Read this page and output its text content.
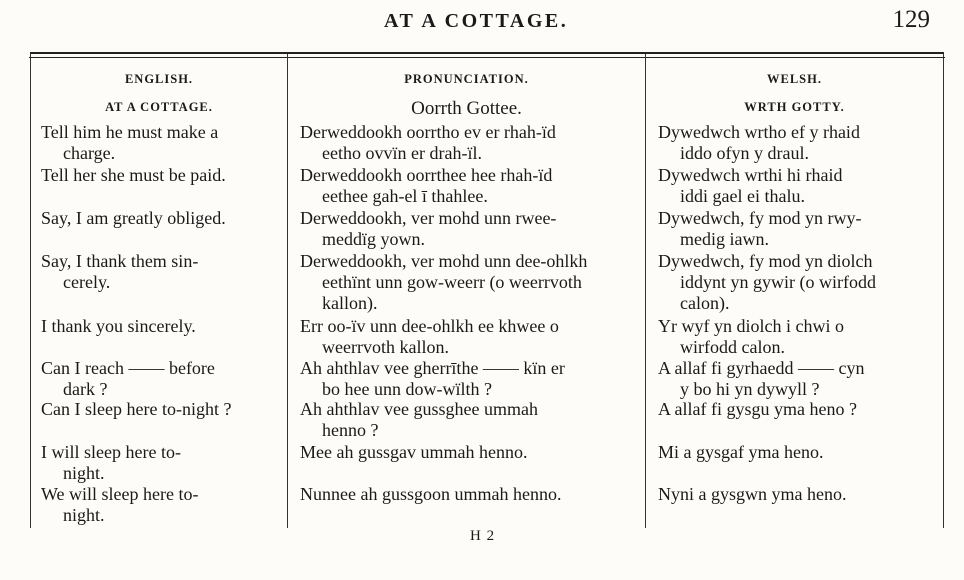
AT A COTTAGE.	129
ENGLISH.
AT A COTTAGE.
Tell him he must make a
charge.
Tell her she must be paid.
Say, I am greatly obliged.
Say, I thank them sin-
cerely.
I thank you sincerely.
Can I reach —— before
dark ?
Can I sleep here to-night ?
I will sleep here to-
night.
We will sleep here to-
night.
PRONUNCIATION.
Oorrth Gottee.
Derweddookh oorrtho ev er rhah-ïd
eetho ovvïn er drah-ïl.
Derweddookh oorrthee hee rhah-ïd
eethee gah-el ī thahlee.
Derweddookh, ver mohd unn rwee-
meddïg yown.
Derweddookh, ver mohd unn dee-ohlkh
eethïnt unn gow-weerr (o weerrvoth
kallon).
Err oo-ïv unn dee-ohlkh ee khwee o
weerrvoth kallon.
Ah ahthlav vee gherrīthe —— kïn er
bo hee unn dow-wïlth ?
Ah ahthlav vee gussghee ummah
henno ?
Mee ah gussgav ummah henno.
Nunnee ah gussgoon ummah henno.
WELSH.
WRTH GOTTY.
Dywedwch wrtho ef y rhaid
iddo ofyn y draul.
Dywedwch wrthi hi rhaid
iddi gael ei thalu.
Dywedwch, fy mod yn rwy-
medig iawn.
Dywedwch, fy mod yn diolch
iddynt yn gywir (o wirfodd
calon).
Yr wyf yn diolch i chwi o
wirfodd calon.
A allaf fi gyrhaedd —— cyn
y bo hi yn dywyll ?
A allaf fi gysgu yma heno ?
Mi a gysgaf yma heno.
Nyni a gysgwn yma heno.
H 2
